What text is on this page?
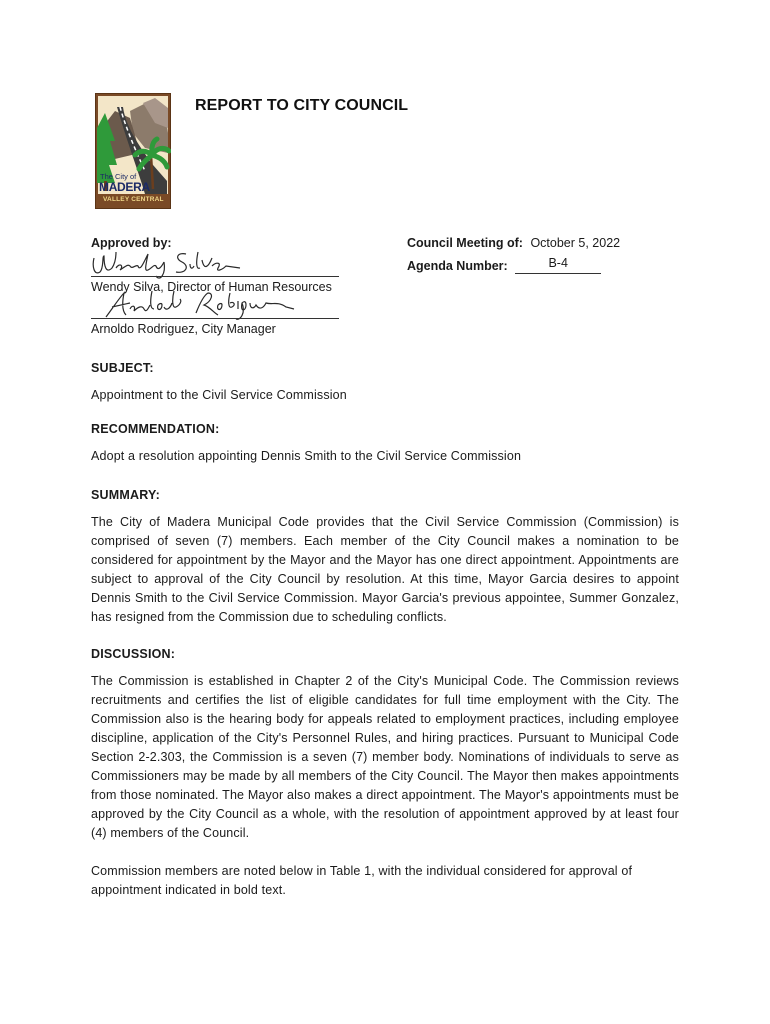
The City of
MADERA
VALLEY CENTRAL
REPORT TO CITY COUNCIL
Approved by:
Wendy Silva, Director of Human Resources
Arnoldo Rodriguez, City Manager
Council Meeting of: October 5, 2022
Agenda Number:	B-4
SUBJECT:

Appointment to the Civil Service Commission

RECOMMENDATION:

Adopt a resolution appointing Dennis Smith to the Civil Service Commission

SUMMARY:

The City of Madera Municipal Code provides that the Civil Service Commission (Commission) is comprised of seven (7) members. Each member of the City Council makes a nomination to be considered for appointment by the Mayor and the Mayor has one direct appointment. Appointments are subject to approval of the City Council by resolution. At this time, Mayor Garcia desires to appoint Dennis Smith to the Civil Service Commission. Mayor Garcia's previous appointee, Summer Gonzalez, has resigned from the Commission due to scheduling conflicts.

DISCUSSION:

The Commission is established in Chapter 2 of the City's Municipal Code. The Commission reviews recruitments and certifies the list of eligible candidates for full time employment with the City. The Commission also is the hearing body for appeals related to employment practices, including employee discipline, application of the City's Personnel Rules, and hiring practices. Pursuant to Municipal Code Section 2-2.303, the Commission is a seven (7) member body. Nominations of individuals to serve as Commissioners may be made by all members of the City Council. The Mayor then makes appointments from those nominated. The Mayor also makes a direct appointment. The Mayor's appointments must be approved by the City Council as a whole, with the resolution of appointment approved by at least four (4) members of the Council.

Commission members are noted below in Table 1, with the individual considered for approval of appointment indicated in bold text.
